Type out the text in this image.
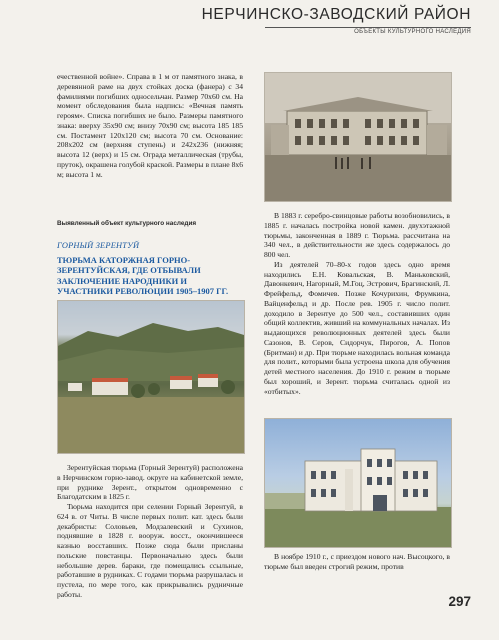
НЕРЧИНСКО-ЗАВОДСКИЙ РАЙОН
ОБЪЕКТЫ КУЛЬТУРНОГО НАСЛЕДИЯ

ечественной войне». Справа в 1 м от памятного знака, в деревянной раме на двух стойках доска (фанера) с 34 фамилиями погибших односельчан. Размер 70х60 см. На момент обследования была надпись: «Вечная память героям». Списка погибших не было. Размеры памятного знака: вверху 35х90 см; внизу 70х90 см; высота 185 185 см. Постамент 120х120 см; высота 70 см. Основание: 208х202 см (верхняя ступень) и 242х236 (нижняя; высота 12 (верх) и 15 см. Ограда металлическая (трубы, пруток), окрашена голубой краской. Размеры в плане 8х6 м; высота 1 м.

Выявленный объект культурного наследия
ГОРНЫЙ ЗЕРЕНТУЙ
ТЮРЬМА КАТОРЖНАЯ ГОРНО-ЗЕРЕНТУЙСКАЯ, ГДЕ ОТБЫВАЛИ ЗАКЛЮЧЕНИЕ НАРОДНИКИ И УЧАСТНИКИ РЕВОЛЮЦИИ 1905–1907 ГГ.

В 1883 г. серебро-свинцовые работы возобновились, в 1885 г. началась постройка новой камен. двухэтажной тюрьмы, законченная в 1889 г. Тюрьма. рассчитана на 340 чел., в действительности же здесь содержалось до 800 чел.

Из деятелей 70–80-х годов здесь одно время находились Е.Н. Ковальская, В. Маньковский, Давонкевич, Нагорный, М.Гоц, Эстрович, Брагинский, Л. Фрейфельд, Фомичев. Позже Кочурихин, Фрумкина, Вайценфельд и др. После рев. 1905 г. число полит. доходило в Зерентуе до 500 чел., составивших один общий коллектив, живший на коммунальных началах. Из выдающихся революционных деятелей здесь были Сазонов, В. Серов, Сидорчук, Пирогов, А. Попов (Бритман) и др. При тюрьме находилась вольная команда для полит., которыми была устроена школа для обучения детей местного населения. До 1910 г. режим в тюрьме был хороший, и Зерент. тюрьма считалась одной из «отбитых».

Зерентуйская тюрьма (Горный Зерентуй) расположена в Нерчинском горно-завод. округе на кабинетской земле, при руднике Зерент., открытом одновременно с Благодатским в 1825 г.

Тюрьма находится при селении Горный Зерентуй, в 624 в. от Читы. В числе первых полит. кат. здесь были декабристы: Соловьев, Модзалевский и Сухинов, поднявшие в 1828 г. вооруж. восст., окончившееся казнью восставших. Позже сюда были присланы польские повстанцы. Первоначально здесь были небольшие дерев. бараки, где помещались ссыльные, работавшие в рудниках. С годами тюрьма разрушалась и пустела, по мере того, как прикрывались рудничные работы.

В ноябре 1910 г., с приездом нового нач. Высоцкого, в тюрьме был введен строгий режим, против

297
